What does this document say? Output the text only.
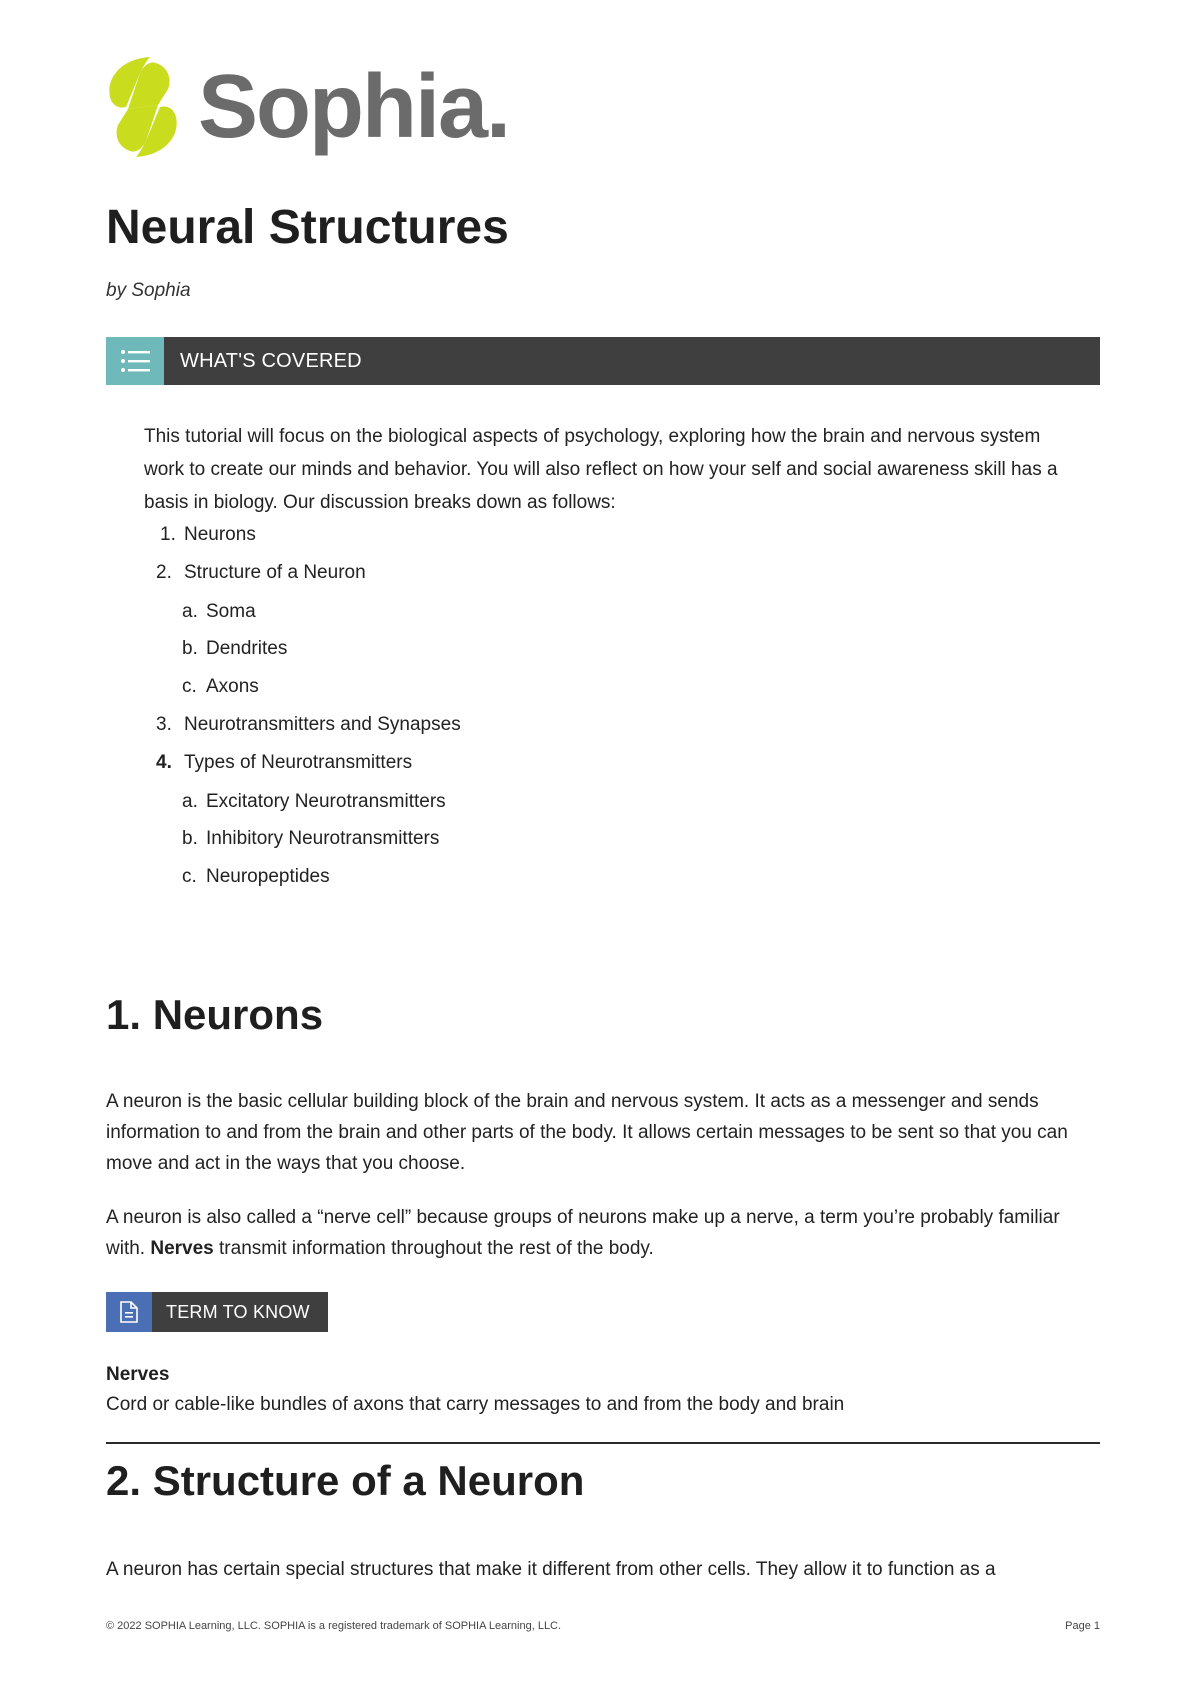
Sophia.
Neural Structures
by Sophia
WHAT'S COVERED

This tutorial will focus on the biological aspects of psychology, exploring how the brain and nervous system work to create our minds and behavior. You will also reflect on how your self and social awareness skill has a basis in biology. Our discussion breaks down as follows:

1. Neurons
2. Structure of a Neuron
a. Soma
b. Dendrites
c. Axons
3. Neurotransmitters and Synapses
4. Types of Neurotransmitters
a. Excitatory Neurotransmitters
b. Inhibitory Neurotransmitters
c. Neuropeptides
1. Neurons

A neuron is the basic cellular building block of the brain and nervous system. It acts as a messenger and sends information to and from the brain and other parts of the body. It allows certain messages to be sent so that you can move and act in the ways that you choose.

A neuron is also called a “nerve cell” because groups of neurons make up a nerve, a term you’re probably familiar with. Nerves transmit information throughout the rest of the body.

TERM TO KNOW
Nerves
Cord or cable-like bundles of axons that carry messages to and from the body and brain
2. Structure of a Neuron

A neuron has certain special structures that make it different from other cells. They allow it to function as a

© 2022 SOPHIA Learning, LLC. SOPHIA is a registered trademark of SOPHIA Learning, LLC.	Page 1
